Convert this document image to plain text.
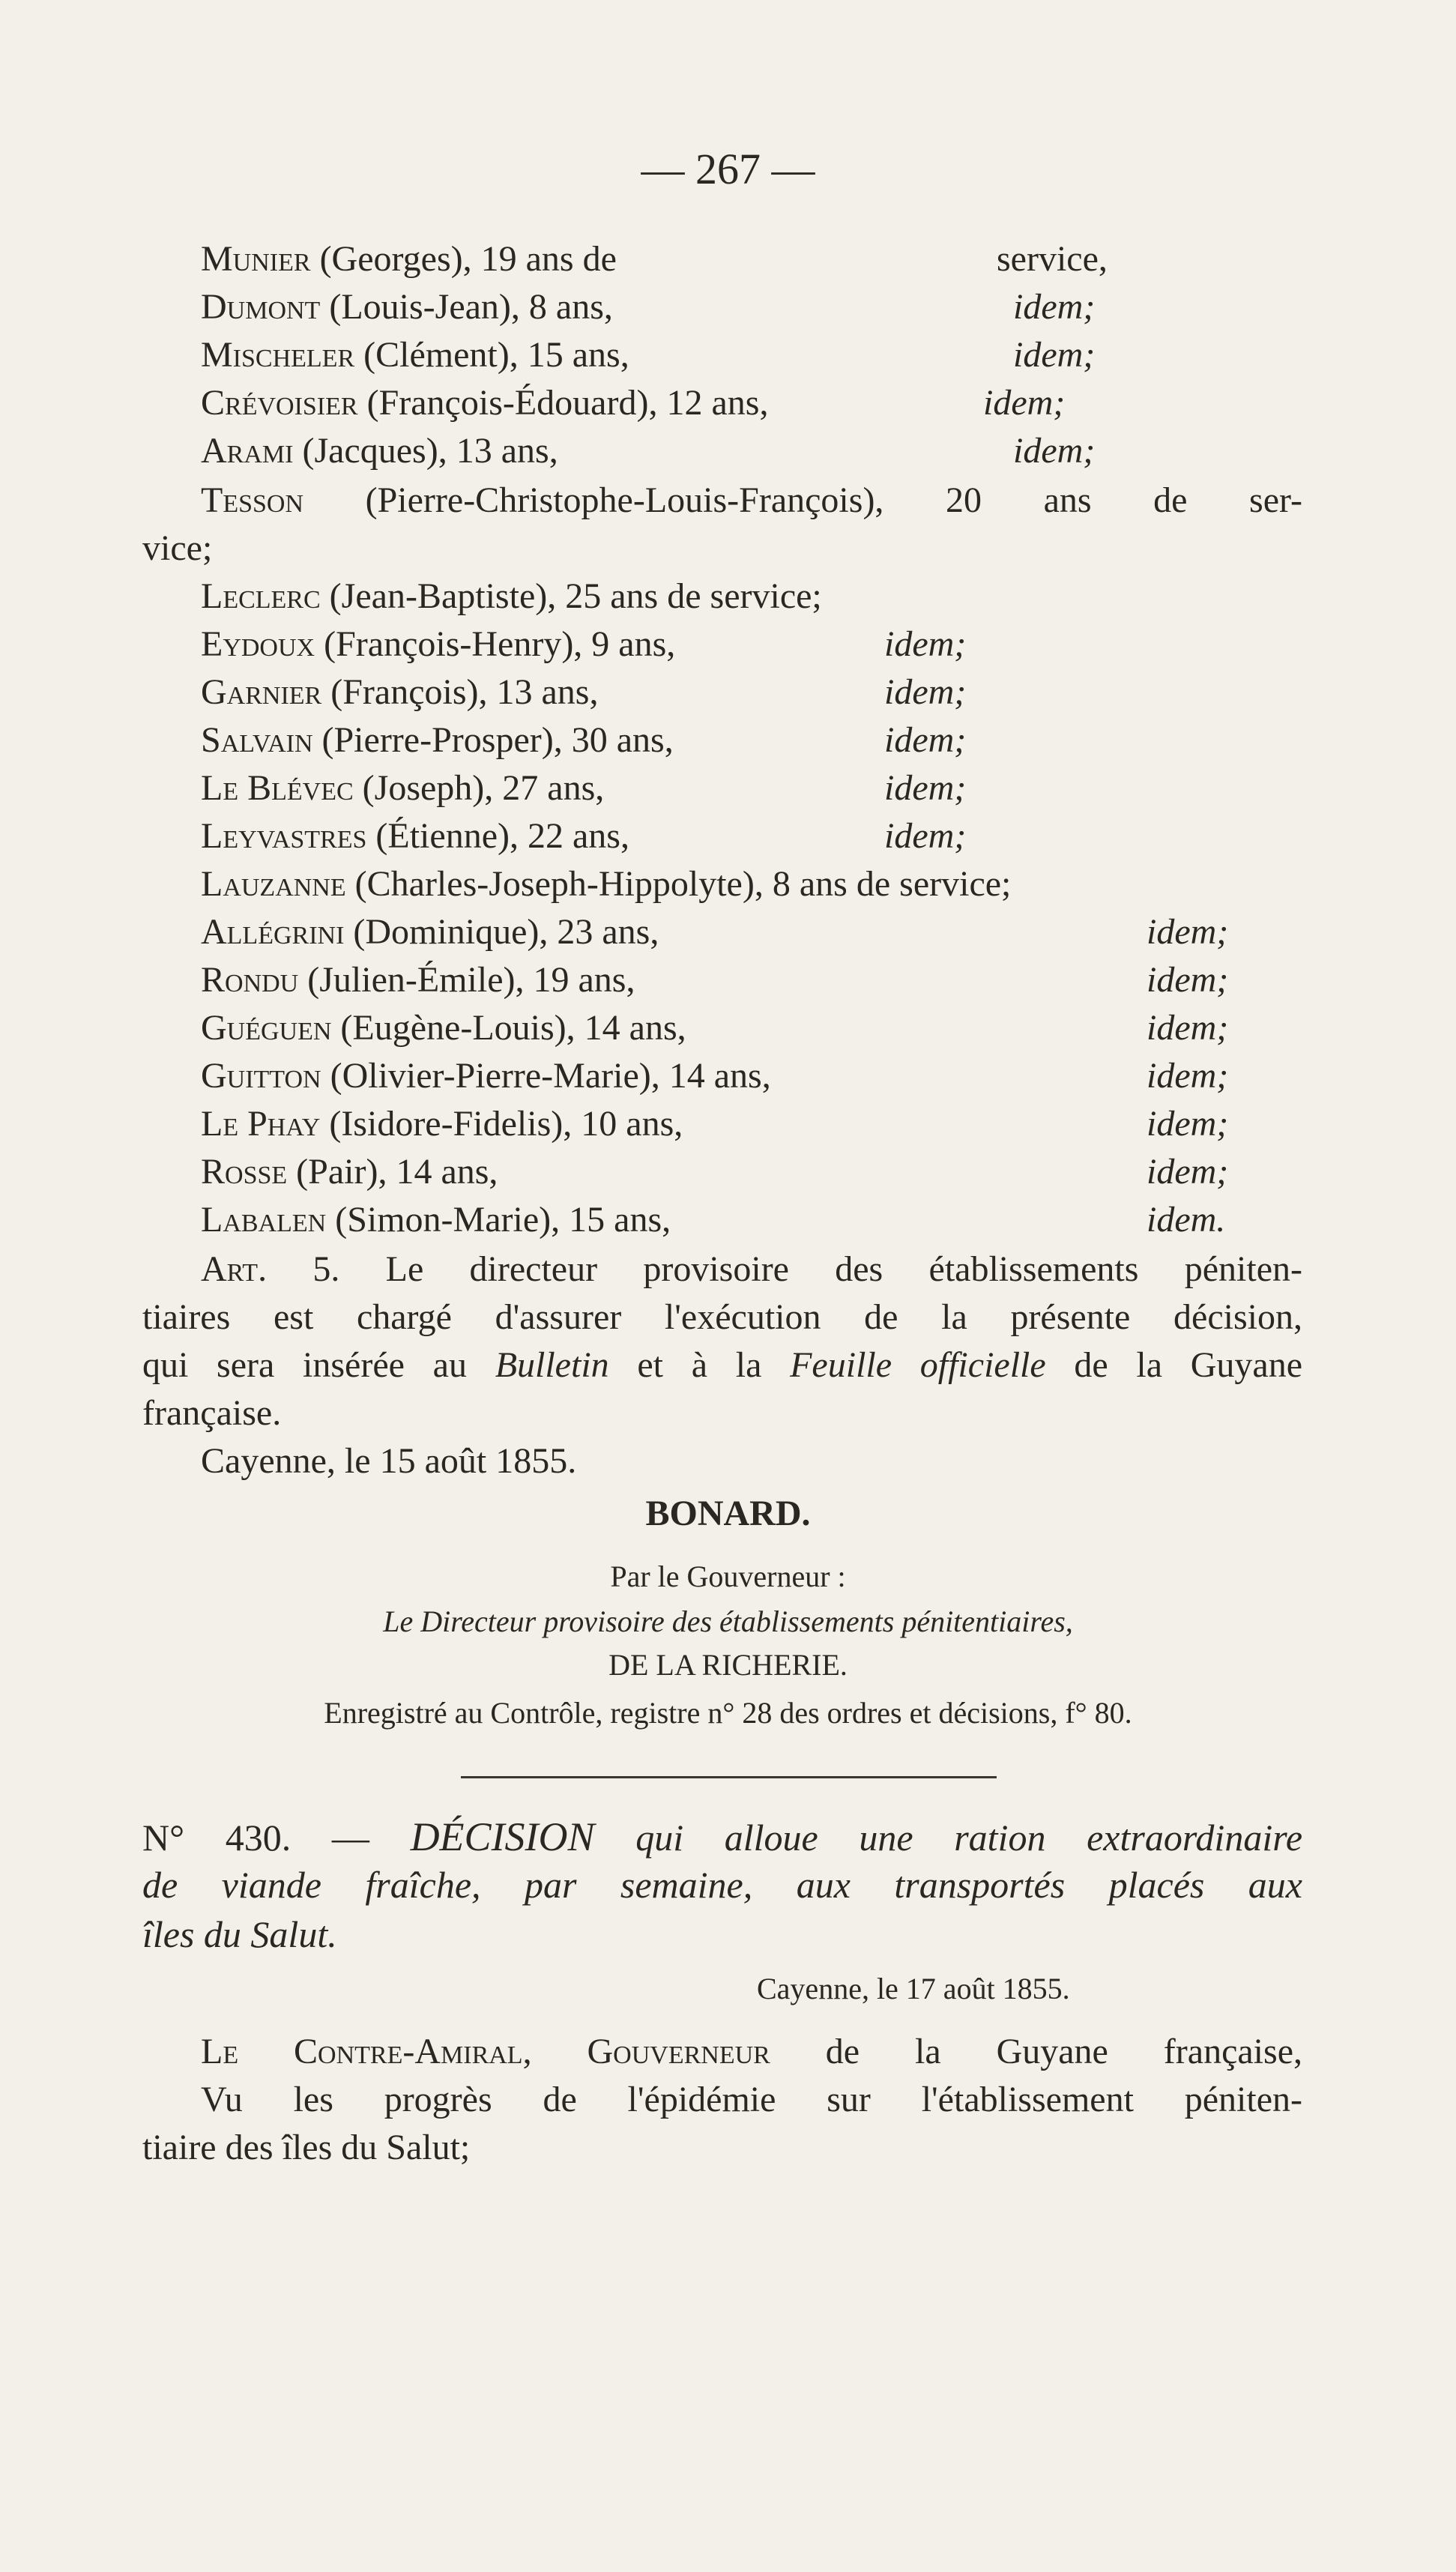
— 267 —
Munier (Georges), 19 ans de	service,
Dumont (Louis-Jean), 8 ans,	idem;
Mischeler (Clément), 15 ans,	idem;
Crévoisier (François-Édouard), 12 ans,	idem;
Arami (Jacques), 13 ans,	idem;
Tesson (Pierre-Christophe-Louis-François), 20 ans de ser-
vice;
Leclerc (Jean-Baptiste), 25 ans de service;
Eydoux (François-Henry), 9 ans,	idem;
Garnier (François), 13 ans,	idem;
Salvain (Pierre-Prosper), 30 ans,	idem;
Le Blévec (Joseph), 27 ans,	idem;
Leyvastres (Étienne), 22 ans,	idem;
Lauzanne (Charles-Joseph-Hippolyte), 8 ans de service;
Allégrini (Dominique), 23 ans,	idem;
Rondu (Julien-Émile), 19 ans,	idem;
Guéguen (Eugène-Louis), 14 ans,	idem;
Guitton (Olivier-Pierre-Marie), 14 ans,	idem;
Le Phay (Isidore-Fidelis), 10 ans,	idem;
Rosse (Pair), 14 ans,	idem;
Labalen (Simon-Marie), 15 ans,	idem.
Art. 5. Le directeur provisoire des établissements péniten-
tiaires est chargé d'assurer l'exécution de la présente décision,
qui sera insérée au Bulletin et à la Feuille officielle de la Guyane
française.
Cayenne, le 15 août 1855.
BONARD.
Par le Gouverneur :
Le Directeur provisoire des établissements pénitentiaires,
DE LA RICHERIE.
Enregistré au Contrôle, registre n° 28 des ordres et décisions, f° 80.
N° 430. — DÉCISION qui alloue une ration extraordinaire
de viande fraîche, par semaine, aux transportés placés aux
îles du Salut.
Cayenne, le 17 août 1855.
Le Contre-Amiral, Gouverneur de la Guyane française,
Vu les progrès de l'épidémie sur l'établissement péniten-
tiaire des îles du Salut;
